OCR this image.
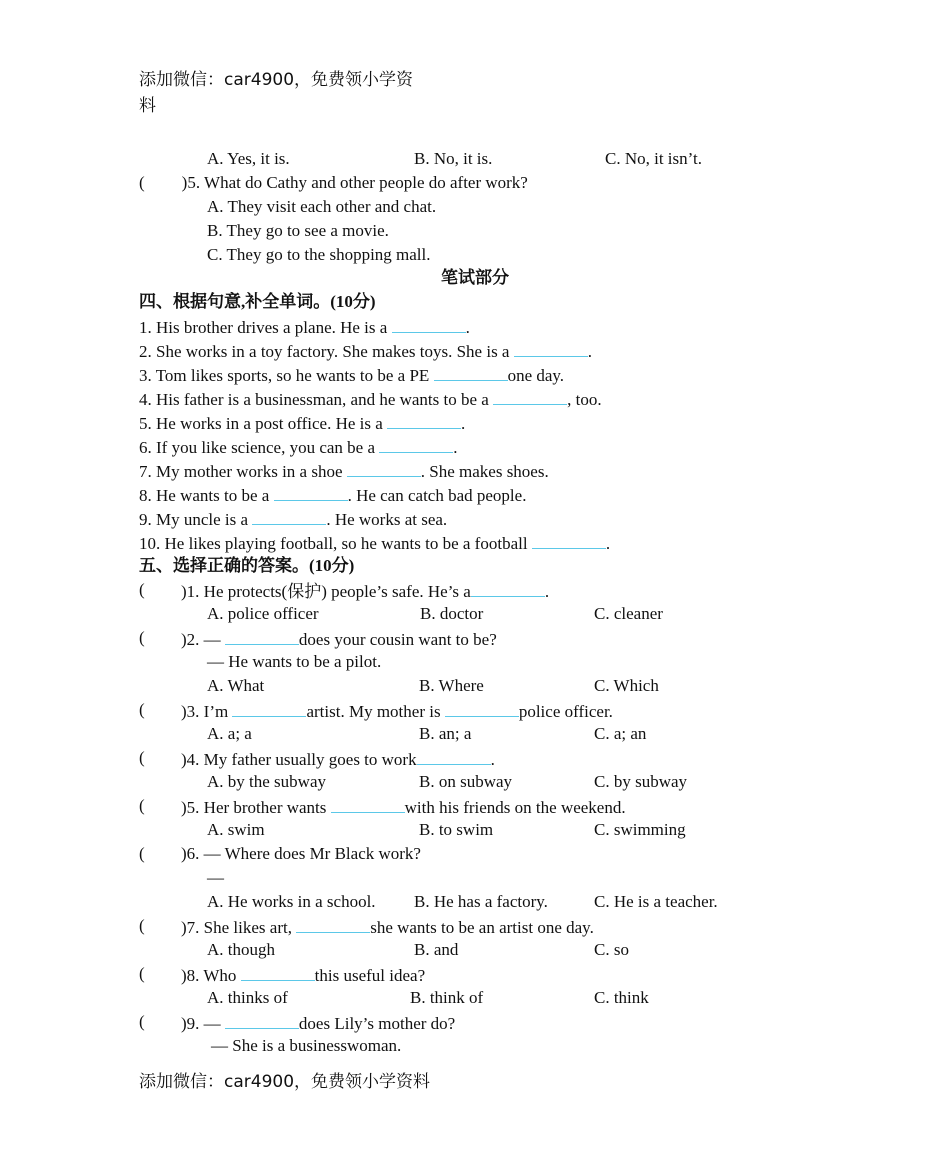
添加微信：car4900，免费领小学资
料
A. Yes, it is.	B. No, it is.	C. No, it isn’t.
( )5. What do Cathy and other people do after work?
A. They visit each other and chat.
B. They go to see a movie.
C. They go to the shopping mall.
笔试部分
四、根据句意,补全单词。(10分)
1. His brother drives a plane. He is a	.
2. She works in a toy factory. She makes toys. She is a	.
3. Tom likes sports, so he wants to be a PE	one day.
4. His father is a businessman, and he wants to be a	, too.
5. He works in a post office. He is a	.
6. If you like science, you can be a	.
7. My mother works in a shoe	. She makes shoes.
8. He wants to be a	. He can catch bad people.
9. My uncle is a	. He works at sea.
10. He likes playing football, so he wants to be a football	.
五、选择正确的答案。(10分)
( )1. He protects(保护) people’s safe. He’s a	.
A. police officer	B. doctor	C. cleaner
( )2. —	does your cousin want to be?
— He wants to be a pilot.
A. What	B. Where	C. Which
( )3. I’m	artist. My mother is	police officer.
A. a; a	B. an; a	C. a; an
( )4. My father usually goes to work	.
A. by the subway	B. on subway	C. by subway
( )5. Her brother wants	with his friends on the weekend.
A. swim	B. to swim	C. swimming
( )6. — Where does Mr Black work?
—
A. He works in a school. B. He has a factory.	C. He is a teacher.
( )7. She likes art,	she wants to be an artist one day.
A. though	B. and	C. so
( )8. Who	this useful idea?
A. thinks of	B. think of	C. think
( )9. —	does Lily’s mother do?
— She is a businesswoman.
添加微信：car4900，免费领小学资料
